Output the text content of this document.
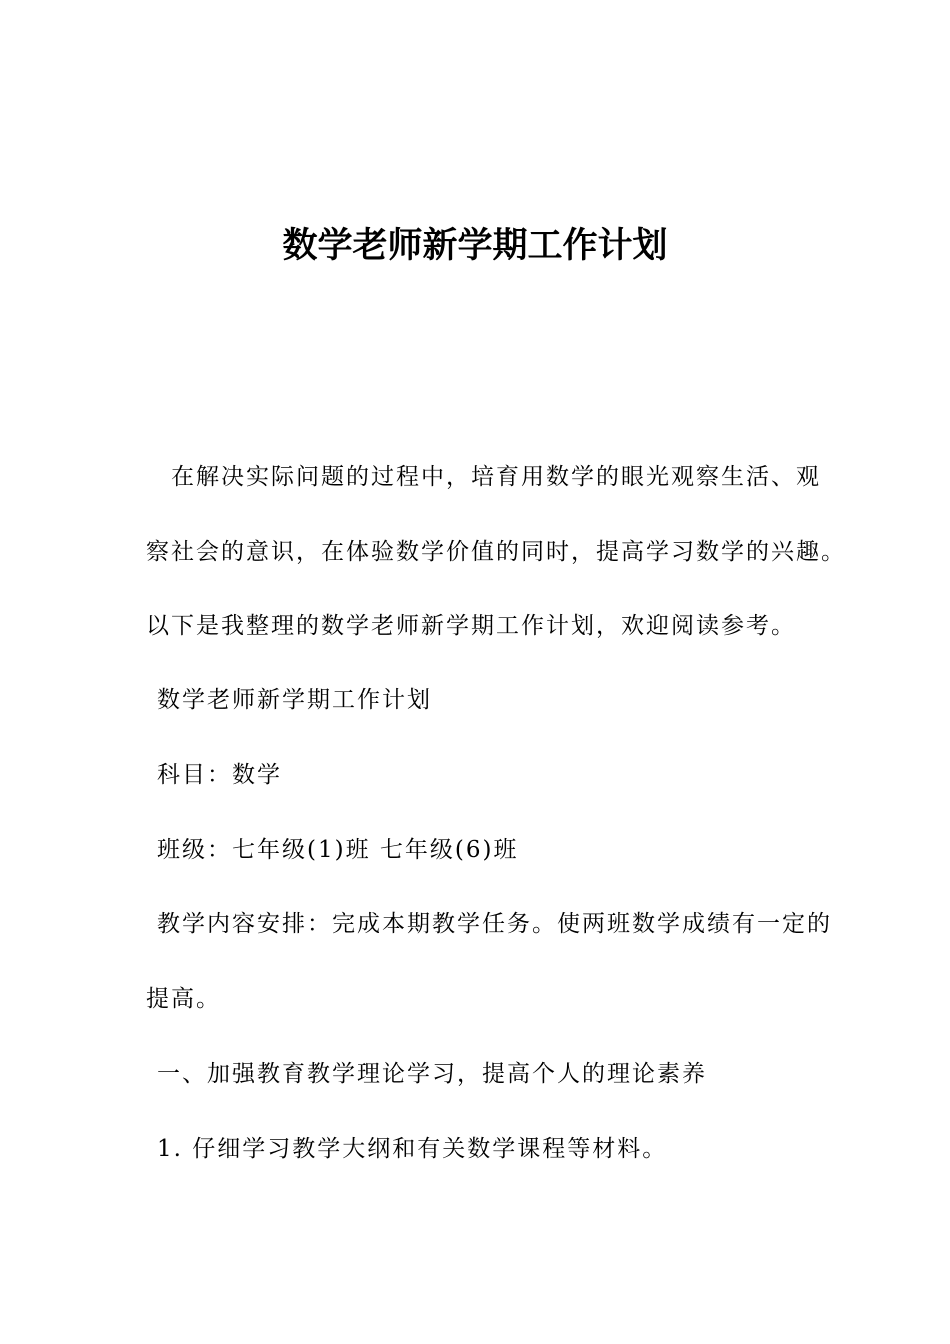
数学老师新学期工作计划
在解决实际问题的过程中，培育用数学的眼光观察生活、观
察社会的意识，在体验数学价值的同时，提高学习数学的兴趣。
以下是我整理的数学老师新学期工作计划，欢迎阅读参考。
数学老师新学期工作计划
科目：数学
班级：七年级(1)班 七年级(6)班
教学内容安排：完成本期教学任务。使两班数学成绩有一定的
提高。
一、加强教育教学理论学习，提高个人的理论素养
1. 仔细学习教学大纲和有关数学课程等材料。
